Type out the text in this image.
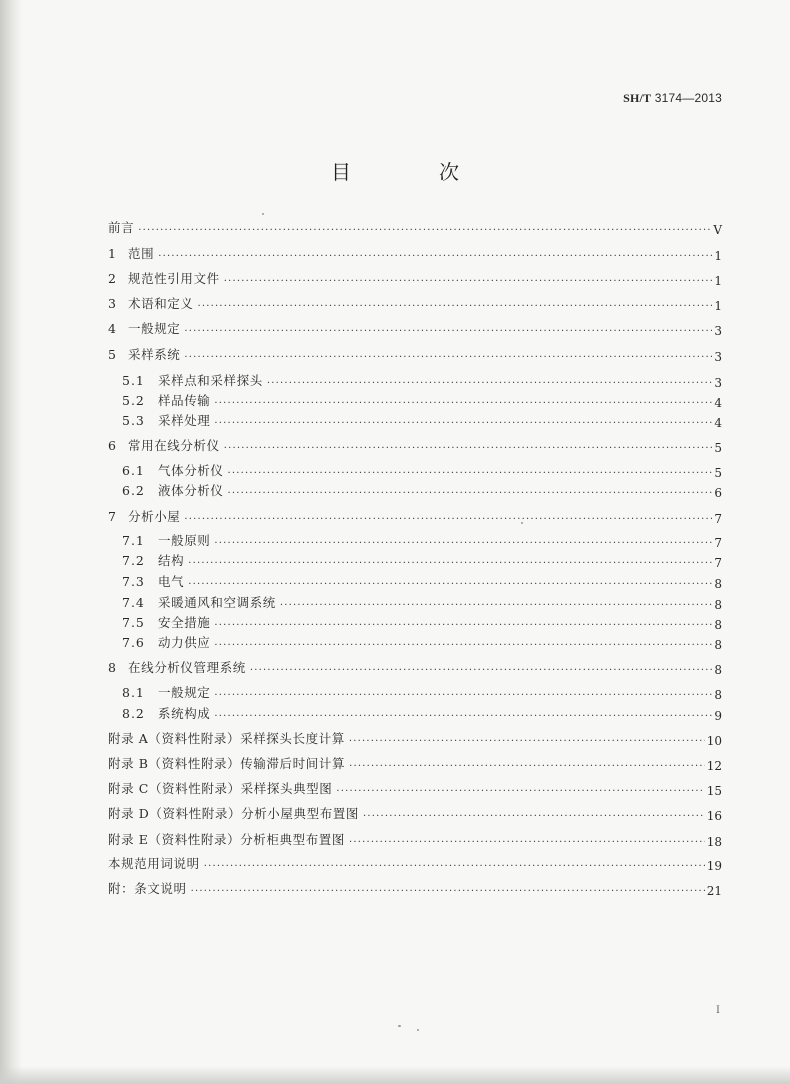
SH/T 3174—2013
目　次
前言 ·····	V
1 范围 ·····	1
2 规范性引用文件 ·····	1
3 术语和定义 ·····	1
4 一般规定 ·····	3
5 采样系统 ·····	3
5.1	采样点和采样探头 ·····	3
5.2	样品传输 ·····	4
5.3	采样处理 ·····	4
6 常用在线分析仪 ·····	5
6.1	气体分析仪 ·····	5
6.2	液体分析仪 ·····	6
7 分析小屋 ·····	7
7.1	一般原则 ·····	7
7.2	结构 ·····	7
7.3	电气 ·····	8
7.4	采暖通风和空调系统 ·····	8
7.5	安全措施 ·····	8
7.6	动力供应 ·····	8
8 在线分析仪管理系统 ·····	8
8.1	一般规定 ·····	8
8.2	系统构成 ·····	9
附录 A（资料性附录）采样探头长度计算 ·····	10
附录 B（资料性附录）传输滞后时间计算 ·····	12
附录 C（资料性附录）采样探头典型图 ·····	15
附录 D（资料性附录）分析小屋典型布置图 ·····	16
附录 E（资料性附录）分析柜典型布置图 ·····	18
本规范用词说明 ·····	19
附：条文说明 ·····	21
I
